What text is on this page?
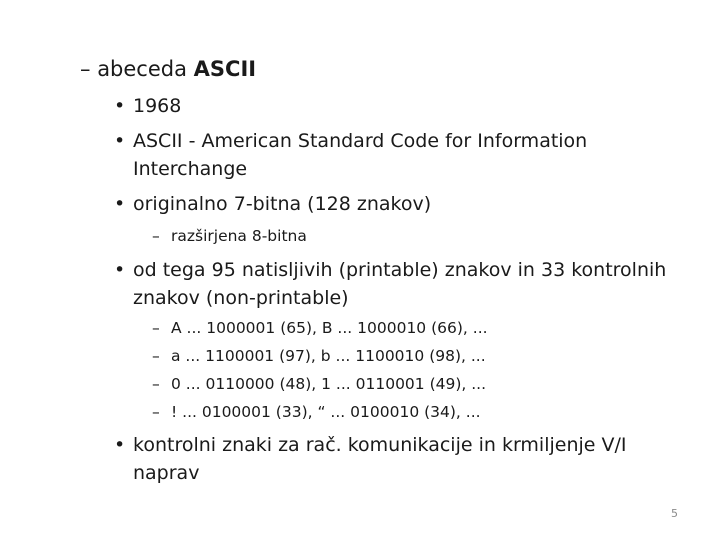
– abeceda ASCII
• 1968
• ASCII - American Standard Code for Information
Interchange
• originalno 7-bitna (128 znakov)
– razširjena 8-bitna
• od tega 95 natisljivih (printable) znakov in 33 kontrolnih
znakov (non-printable)
– A ... 1000001 (65), B ... 1000010 (66), ...
– a ... 1100001 (97), b ... 1100010 (98), ...
– 0 ... 0110000 (48), 1 ... 0110001 (49), ...
– ! ... 0100001 (33), “ ... 0100010 (34), ...
• kontrolni znaki za rač. komunikacije in krmiljenje V/I
naprav
5
